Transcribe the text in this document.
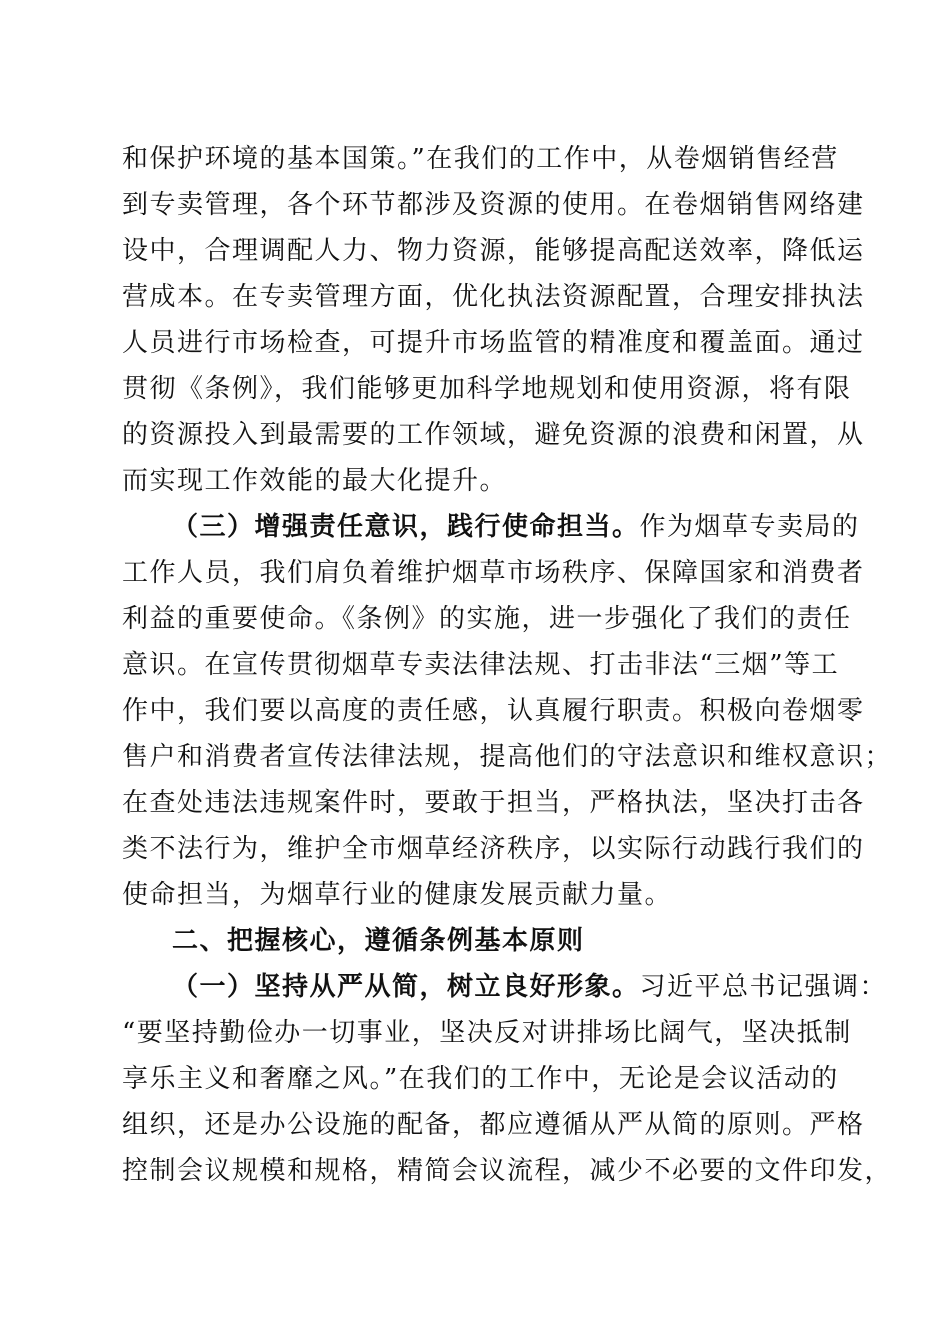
和保护环境的基本国策。”在我们的工作中，从卷烟销售经营
到专卖管理，各个环节都涉及资源的使用。在卷烟销售网络建
设中，合理调配人力、物力资源，能够提高配送效率，降低运
营成本。在专卖管理方面，优化执法资源配置，合理安排执法
人员进行市场检查，可提升市场监管的精准度和覆盖面。通过
贯彻《条例》，我们能够更加科学地规划和使用资源，将有限
的资源投入到最需要的工作领域，避免资源的浪费和闲置，从
而实现工作效能的最大化提升。
（三）增强责任意识，践行使命担当。作为烟草专卖局的
工作人员，我们肩负着维护烟草市场秩序、保障国家和消费者
利益的重要使命。《条例》的实施，进一步强化了我们的责任
意识。在宣传贯彻烟草专卖法律法规、打击非法“三烟”等工
作中，我们要以高度的责任感，认真履行职责。积极向卷烟零
售户和消费者宣传法律法规，提高他们的守法意识和维权意识；
在查处违法违规案件时，要敢于担当，严格执法，坚决打击各
类不法行为，维护全市烟草经济秩序，以实际行动践行我们的
使命担当，为烟草行业的健康发展贡献力量。
二、把握核心，遵循条例基本原则
（一）坚持从严从简，树立良好形象。习近平总书记强调：
“要坚持勤俭办一切事业，坚决反对讲排场比阔气，坚决抵制
享乐主义和奢靡之风。”在我们的工作中，无论是会议活动的
组织，还是办公设施的配备，都应遵循从严从简的原则。严格
控制会议规模和规格，精简会议流程，减少不必要的文件印发，
